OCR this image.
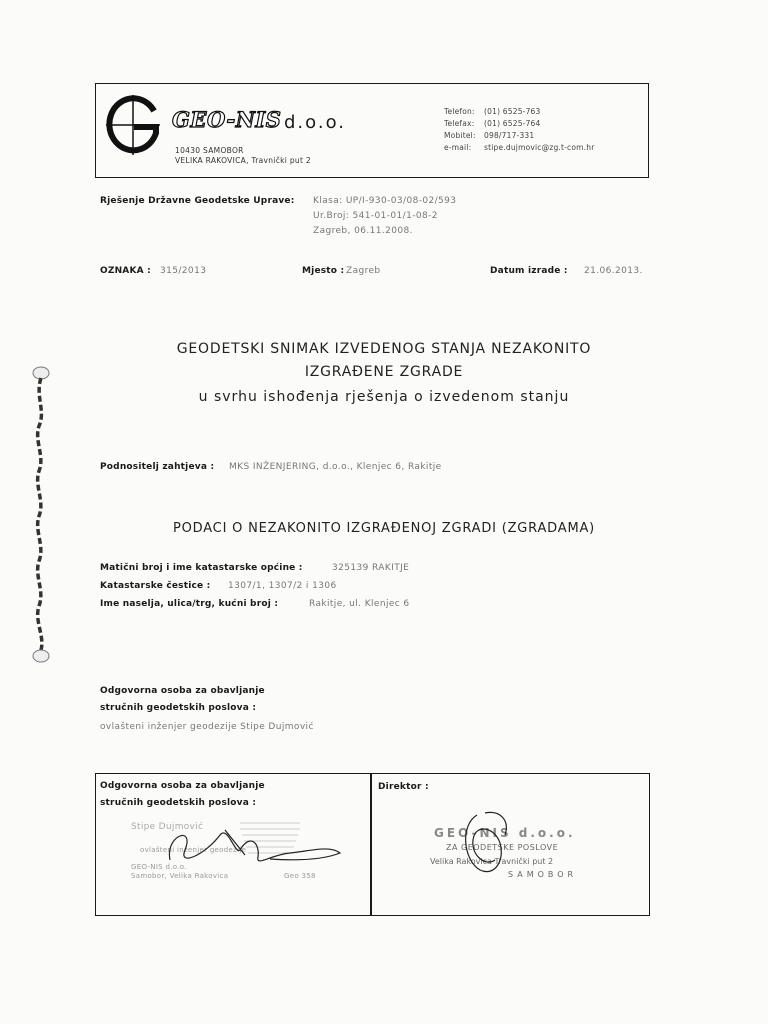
GEO-NIS d.o.o.
10430 SAMOBOR
VELIKA RAKOVICA, Travnički put 2
Telefon: (01) 6525-763
Telefax: (01) 6525-764
Mobitel: 098/717-331
e-mail: stipe.dujmovic@zg.t-com.hr
Rješenje Državne Geodetske Uprave: Klasa: UP/I-930-03/08-02/593
Ur.Broj: 541-01-01/1-08-2
Zagreb, 06.11.2008.
OZNAKA : 315/2013	Mjesto : Zagreb	Datum izrade : 21.06.2013.
GEODETSKI SNIMAK IZVEDENOG STANJA NEZAKONITO
IZGRAĐENE ZGRADE
u svrhu ishođenja rješenja o izvedenom stanju
Podnositelj zahtjeva : MKS INŽENJERING, d.o.o., Klenjec 6, Rakitje
PODACI O NEZAKONITO IZGRAĐENOJ ZGRADI (ZGRADAMA)
Matični broj i ime katastarske općine :	325139 RAKITJE
Katastarske čestice : 1307/1, 1307/2 i 1306
Ime naselja, ulica/trg, kućni broj :	Rakitje, ul. Klenjec 6
Odgovorna osoba za obavljanje
stručnih geodetskih poslova :
ovlašteni inženjer geodezije Stipe Dujmović
Odgovorna osoba za obavljanje
stručnih geodetskih poslova :
Stipe Dujmović
ovlašteni inženjer geodezije
GEO-NIS d.o.o.
Samobor, Velika Rakovica	Geo 358
Direktor :
GEO-NIS d.o.o.
ZA GEODETSKE POSLOVE
Velika Rakovica Travnički put 2
SAMOBOR
